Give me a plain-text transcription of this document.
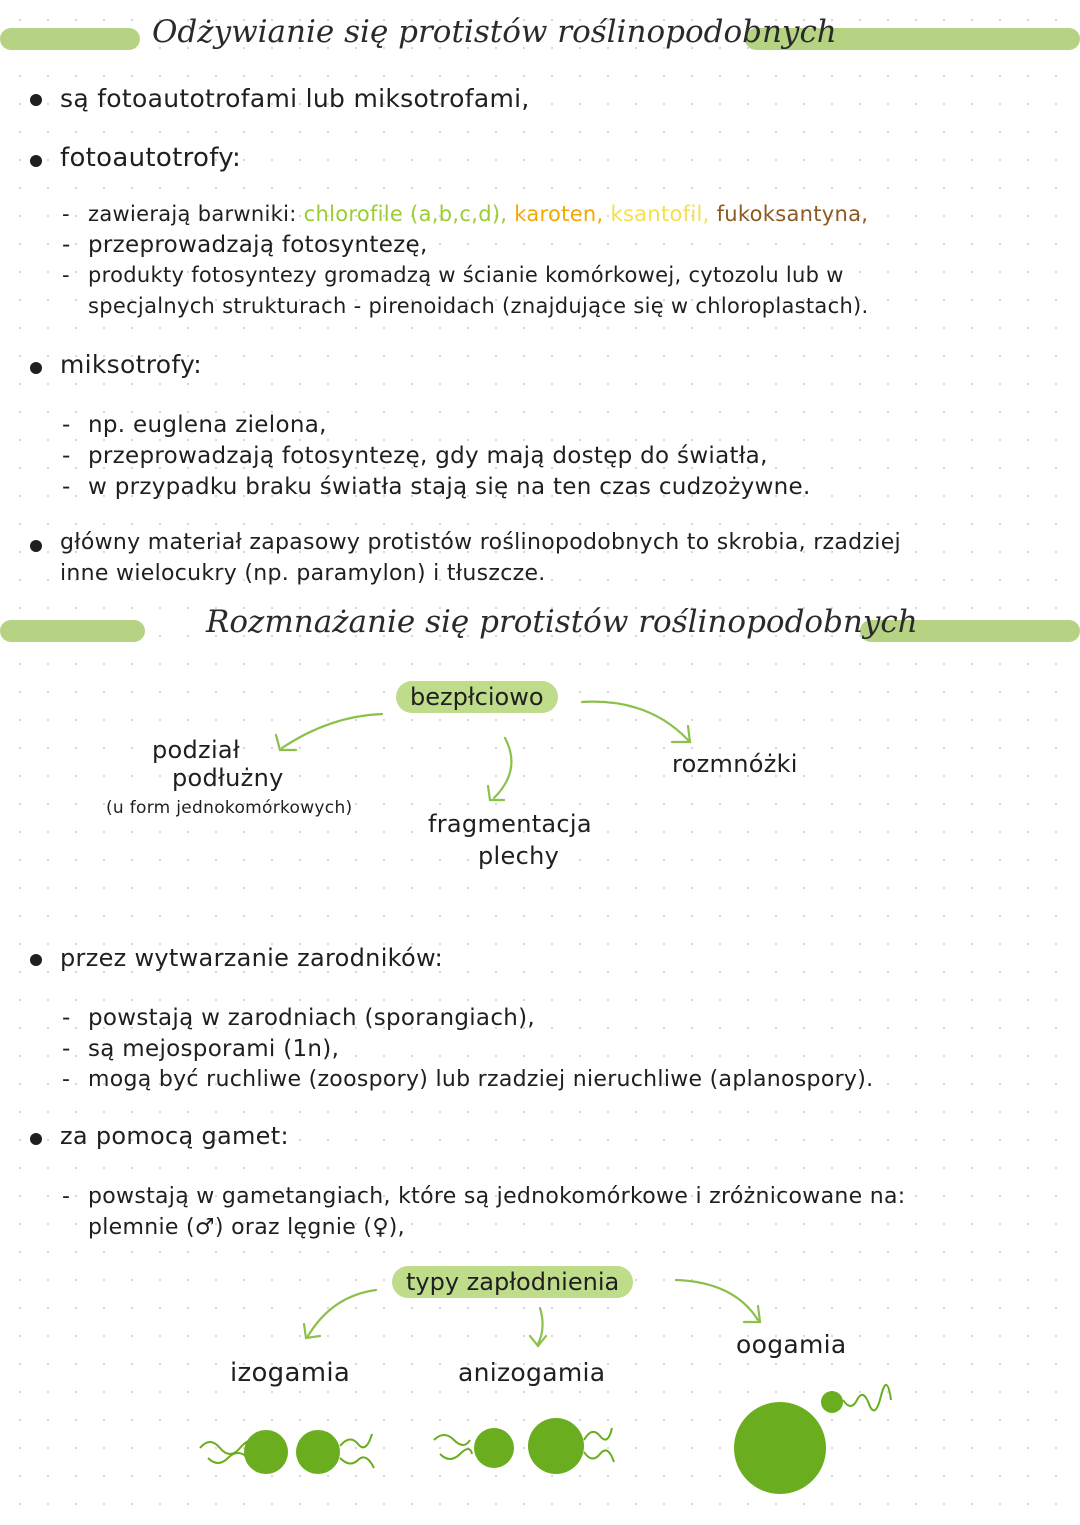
Odżywianie się protistów roślinopodobnych
są fotoautotrofami lub miksotrofami,
fotoautotrofy:
- zawierają barwniki: chlorofile (a,b,c,d), karoten, ksantofil, fukoksantyna,
- przeprowadzają fotosyntezę,
- produkty fotosyntezy gromadzą w ścianie komórkowej, cytozolu lub w
specjalnych strukturach - pirenoidach (znajdujące się w chloroplastach).
miksotrofy:
- np. euglena zielona,
- przeprowadzają fotosyntezę, gdy mają dostęp do światła,
- w przypadku braku światła stają się na ten czas cudzożywne.
główny materiał zapasowy protistów roślinopodobnych to skrobia, rzadziej
inne wielocukry (np. paramylon) i tłuszcze.
Rozmnażanie się protistów roślinopodobnych
bezpłciowo
podział
podłużny
(u form jednokomórkowych)
fragmentacja
plechy
rozmnóżki
przez wytwarzanie zarodników:
- powstają w zarodniach (sporangiach),
- są mejosporami (1n),
- mogą być ruchliwe (zoospory) lub rzadziej nieruchliwe (aplanospory).
za pomocą gamet:
- powstają w gametangiach, które są jednokomórkowe i zróżnicowane na:
plemnie (♂) oraz lęgnie (♀),
typy zapłodnienia
izogamia	anizogamia
oogamia
